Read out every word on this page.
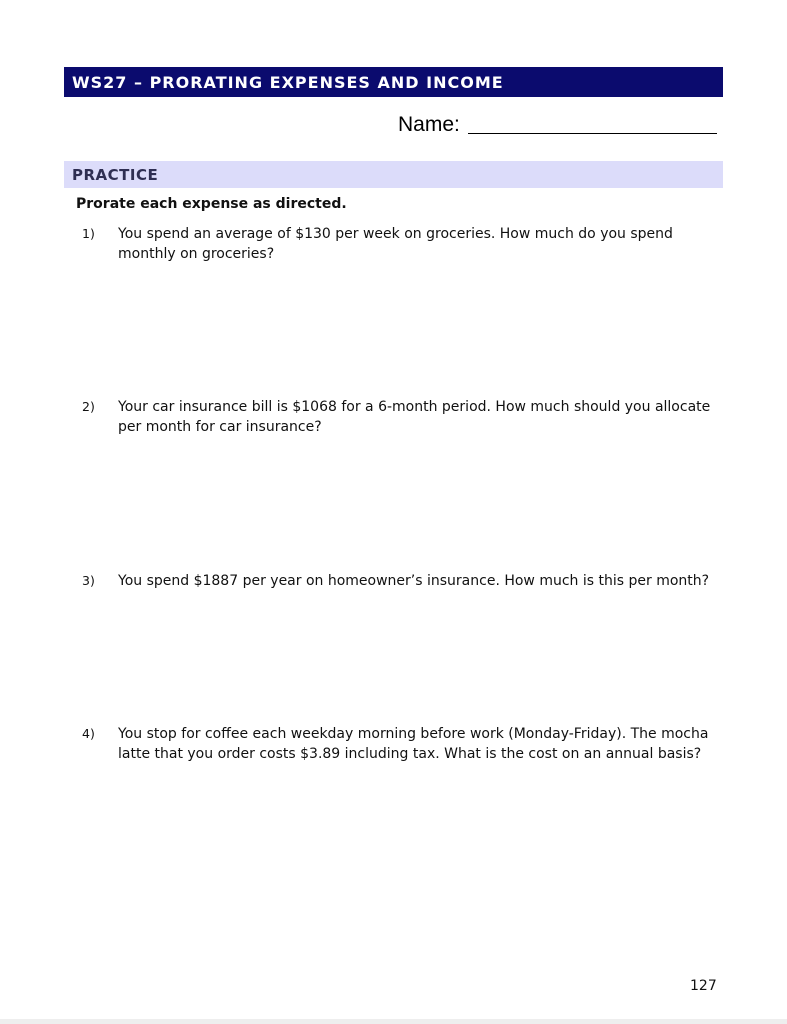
WS27 – PRORATING EXPENSES AND INCOME
Name:
PRACTICE
Prorate each expense as directed.
1) You spend an average of $130 per week on groceries. How much do you spend monthly on groceries?
2) Your car insurance bill is $1068 for a 6-month period. How much should you allocate per month for car insurance?
3) You spend $1887 per year on homeowner’s insurance. How much is this per month?
4) You stop for coffee each weekday morning before work (Monday-Friday). The mocha latte that you order costs $3.89 including tax. What is the cost on an annual basis?
127
